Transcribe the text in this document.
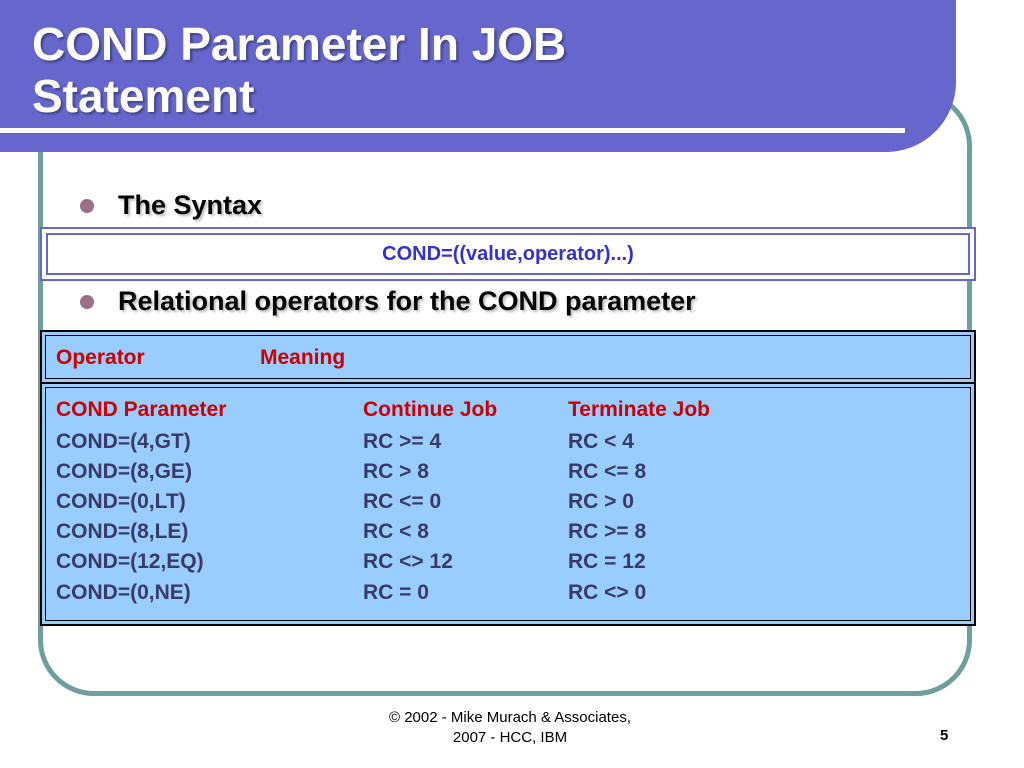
COND Parameter In JOB
Statement
The Syntax
COND=((value,operator)...)
Relational operators for the COND parameter
Operator	Meaning
COND Parameter	Continue Job	Terminate Job
COND=(4,GT)	RC >= 4	RC < 4
COND=(8,GE)	RC > 8	RC <= 8
COND=(0,LT)	RC <= 0	RC > 0
COND=(8,LE)	RC < 8	RC >= 8
COND=(12,EQ)	RC <> 12	RC = 12
COND=(0,NE)	RC = 0	RC <> 0
© 2002 - Mike Murach & Associates,
2007 - HCC, IBM	5
